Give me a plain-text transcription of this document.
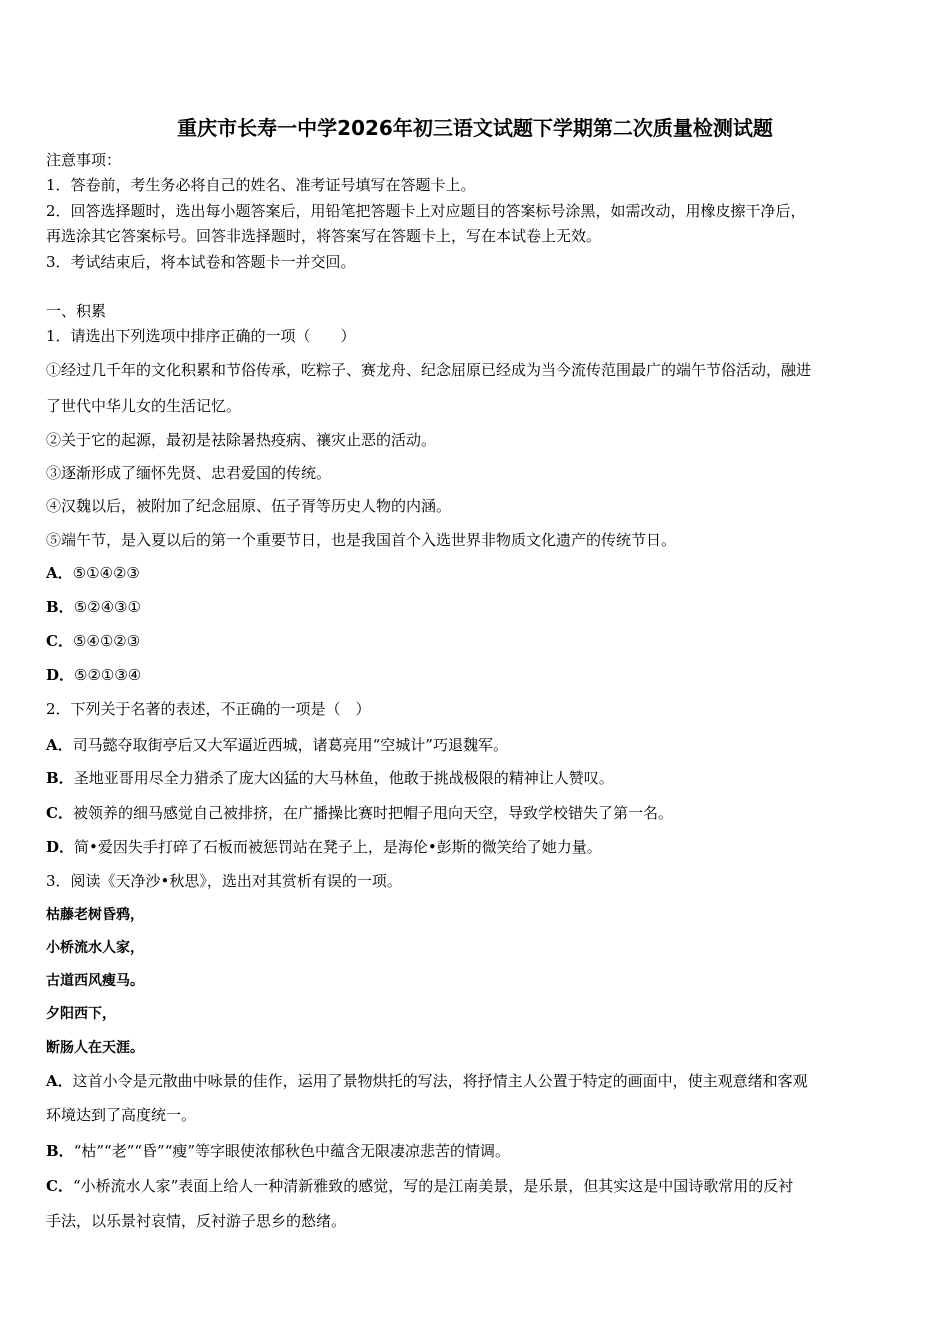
重庆市长寿一中学2026年初三语文试题下学期第二次质量检测试题
注意事项：
1．答卷前，考生务必将自己的姓名、准考证号填写在答题卡上。
2．回答选择题时，选出每小题答案后，用铅笔把答题卡上对应题目的答案标号涂黑，如需改动，用橡皮擦干净后，
再选涂其它答案标号。回答非选择题时，将答案写在答题卡上，写在本试卷上无效。
3．考试结束后，将本试卷和答题卡一并交回。
一、积累
1．请选出下列选项中排序正确的一项（　　）
①经过几千年的文化积累和节俗传承，吃粽子、赛龙舟、纪念屈原已经成为当今流传范围最广的端午节俗活动，融进
了世代中华儿女的生活记忆。
②关于它的起源，最初是祛除暑热疫病、禳灾止恶的活动。
③逐渐形成了缅怀先贤、忠君爱国的传统。
④汉魏以后，被附加了纪念屈原、伍子胥等历史人物的内涵。
⑤端午节，是入夏以后的第一个重要节日，也是我国首个入选世界非物质文化遗产的传统节日。
A．⑤①④②③
B．⑤②④③①
C．⑤④①②③
D．⑤②①③④
2．下列关于名著的表述，不正确的一项是（　）
A．司马懿夺取街亭后又大军逼近西城，诸葛亮用“空城计”巧退魏军。
B．圣地亚哥用尽全力猎杀了庞大凶猛的大马林鱼，他敢于挑战极限的精神让人赞叹。
C．被领养的细马感觉自己被排挤，在广播操比赛时把帽子甩向天空，导致学校错失了第一名。
D．简•爱因失手打碎了石板而被惩罚站在凳子上，是海伦•彭斯的微笑给了她力量。
3．阅读《天净沙•秋思》，选出对其赏析有误的一项。
枯藤老树昏鸦，
小桥流水人家，
古道西风瘦马。
夕阳西下，
断肠人在天涯。
A．这首小令是元散曲中咏景的佳作，运用了景物烘托的写法，将抒情主人公置于特定的画面中，使主观意绪和客观
环境达到了高度统一。
B．“枯”“老”“昏”“瘦”等字眼使浓郁秋色中蕴含无限凄凉悲苦的情调。
C．“小桥流水人家”表面上给人一种清新雅致的感觉，写的是江南美景，是乐景，但其实这是中国诗歌常用的反衬
手法，以乐景衬哀情，反衬游子思乡的愁绪。
